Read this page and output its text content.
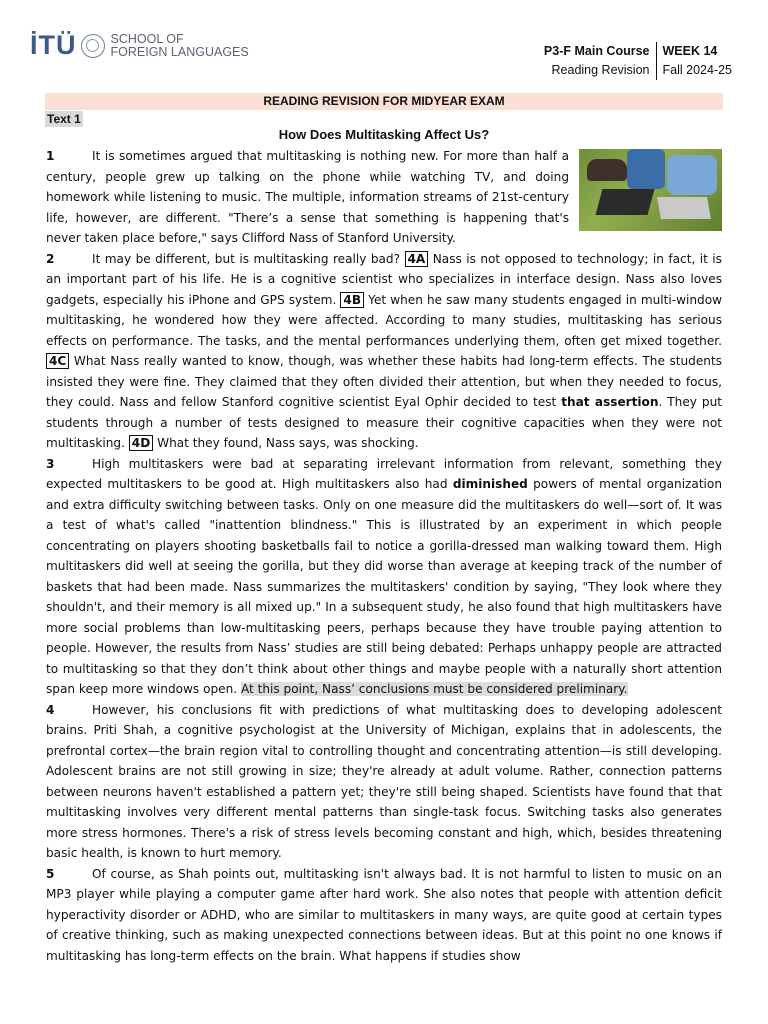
İTÜ	SCHOOL OF
FOREIGN LANGUAGES	P3-F Main Course
Reading Revision
WEEK 14
Fall 2024-25
READING REVISION FOR MIDYEAR EXAM
Text 1
How Does Multitasking Affect Us?

1	It is sometimes argued that multitasking is nothing new. For more than half a century, people grew up talking on the phone while watching TV, and doing homework while listening to music. The multiple, information streams of 21st-century life, however, are different. "There’s a sense that something is happening that's never taken place before," says Clifford Nass of Stanford University.

2	It may be different, but is multitasking really bad? 4A Nass is not opposed to technology; in fact, it is an important part of his life. He is a cognitive scientist who specializes in interface design. Nass also loves gadgets, especially his iPhone and GPS system. 4B Yet when he saw many students engaged in multi-window multitasking, he wondered how they were affected. According to many studies, multitasking has serious effects on performance. The tasks, and the mental performances underlying them, often get mixed together. 4C What Nass really wanted to know, though, was whether these habits had long-term effects. The students insisted they were fine. They claimed that they often divided their attention, but when they needed to focus, they could. Nass and fellow Stanford cognitive scientist Eyal Ophir decided to test that assertion. They put students through a number of tests designed to measure their cognitive capacities when they were not multitasking. 4D What they found, Nass says, was shocking.

3	High multitaskers were bad at separating irrelevant information from relevant, something they expected multitaskers to be good at. High multitaskers also had diminished powers of mental organization and extra difficulty switching between tasks. Only on one measure did the multitaskers do well—sort of. It was a test of what's called "inattention blindness." This is illustrated by an experiment in which people concentrating on players shooting basketballs fail to notice a gorilla-dressed man walking toward them. High multitaskers did well at seeing the gorilla, but they did worse than average at keeping track of the number of baskets that had been made. Nass summarizes the multitaskers' condition by saying, "They look where they shouldn't, and their memory is all mixed up." In a subsequent study, he also found that high multitaskers have more social problems than low-multitasking peers, perhaps because they have trouble paying attention to people. However, the results from Nass’ studies are still being debated: Perhaps unhappy people are attracted to multitasking so that they don’t think about other things and maybe people with a naturally short attention span keep more windows open. At this point, Nass’ conclusions must be considered preliminary.

4	However, his conclusions fit with predictions of what multitasking does to developing adolescent brains. Priti Shah, a cognitive psychologist at the University of Michigan, explains that in adolescents, the prefrontal cortex—the brain region vital to controlling thought and concentrating attention—is still developing. Adolescent brains are not still growing in size; they're already at adult volume. Rather, connection patterns between neurons haven't established a pattern yet; they're still being shaped. Scientists have found that that multitasking involves very different mental patterns than single-task focus. Switching tasks also generates more stress hormones. There's a risk of stress levels becoming constant and high, which, besides threatening basic health, is known to hurt memory.

5	Of course, as Shah points out, multitasking isn't always bad. It is not harmful to listen to music on an MP3 player while playing a computer game after hard work. She also notes that people with attention deficit hyperactivity disorder or ADHD, who are similar to multitaskers in many ways, are quite good at certain types of creative thinking, such as making unexpected connections between ideas. But at this point no one knows if multitasking has long-term effects on the brain. What happens if studies show
